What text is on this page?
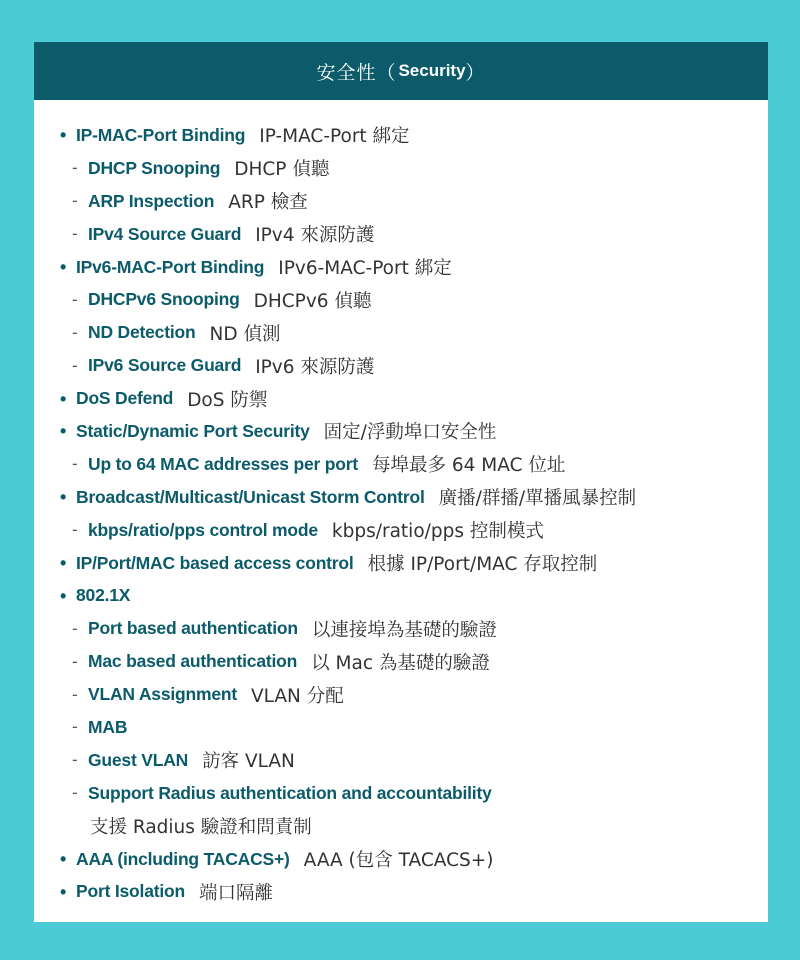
安全性（ Security ）
• IP-MAC-Port Binding IP-MAC-Port 綁定
- DHCP Snooping DHCP 偵聽
- ARP Inspection ARP 檢查
- IPv4 Source Guard IPv4 來源防護
• IPv6-MAC-Port Binding IPv6-MAC-Port 綁定
- DHCPv6 Snooping DHCPv6 偵聽
- ND Detection ND 偵測
- IPv6 Source Guard IPv6 來源防護
• DoS Defend DoS 防禦
• Static/Dynamic Port Security 固定/浮動埠口安全性
- Up to 64 MAC addresses per port 每埠最多 64 MAC 位址
• Broadcast/Multicast/Unicast Storm Control 廣播/群播/單播風暴控制
- kbps/ratio/pps control mode kbps/ratio/pps 控制模式
• IP/Port/MAC based access control 根據 IP/Port/MAC 存取控制
• 802.1X
- Port based authentication 以連接埠為基礎的驗證
- Mac based authentication 以 Mac 為基礎的驗證
- VLAN Assignment VLAN 分配
- MAB
- Guest VLAN 訪客 VLAN
- Support Radius authentication and accountability
支援 Radius 驗證和問責制
• AAA (including TACACS+) AAA (包含 TACACS+)
• Port Isolation 端口隔離
